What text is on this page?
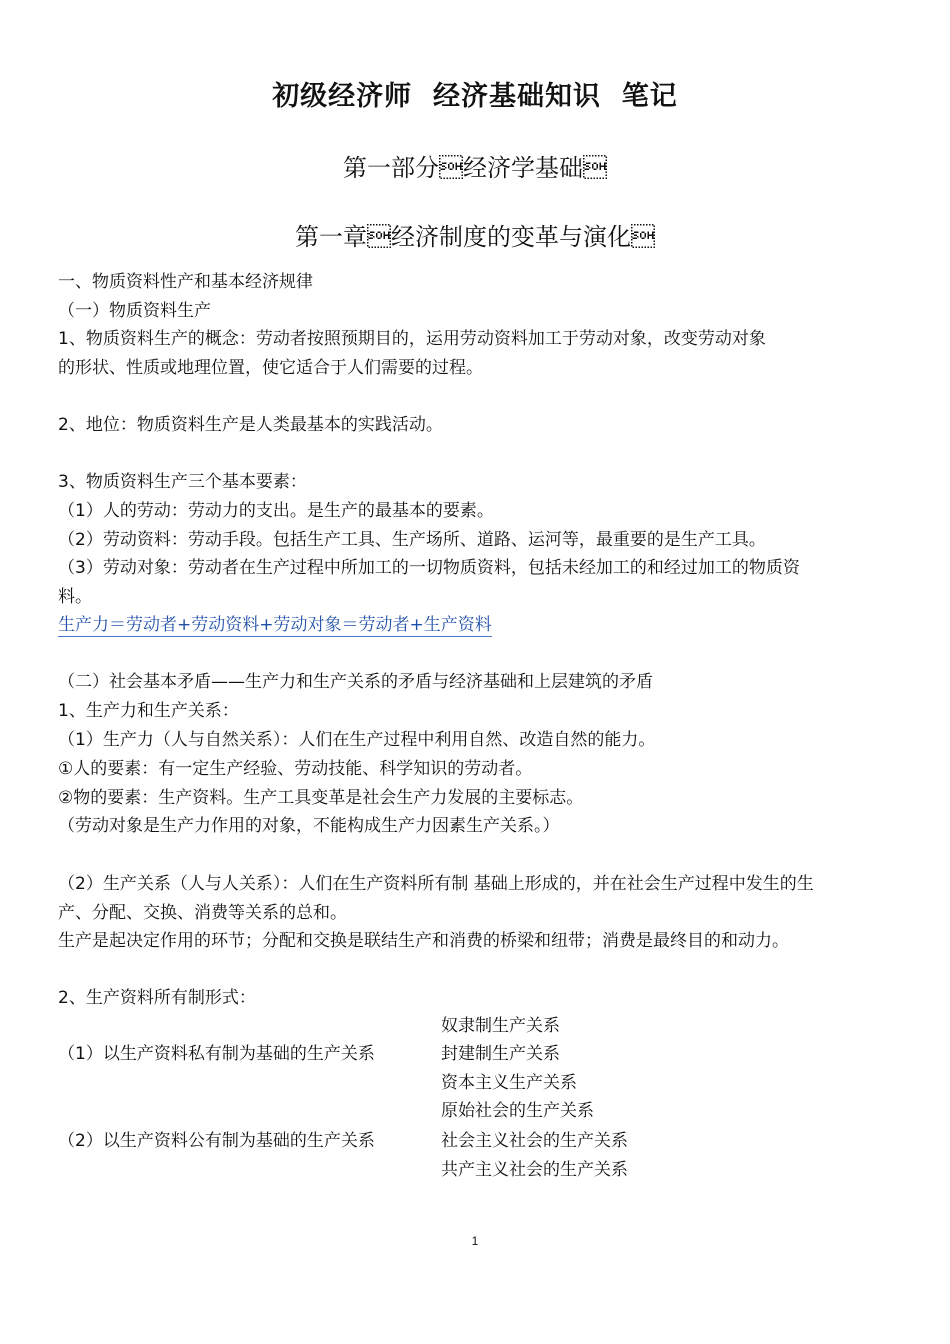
初级经济师  经济基础知识  笔记
第一部分经济学基础
第一章经济制度的变革与演化
一、物质资料性产和基本经济规律
（一）物质资料生产
1、物质资料生产的概念：劳动者按照预期目的，运用劳动资料加工于劳动对象，改变劳动对象
的形状、性质或地理位置，使它适合于人们需要的过程。
2、地位：物质资料生产是人类最基本的实践活动。
3、物质资料生产三个基本要素：
（1）人的劳动：劳动力的支出。是生产的最基本的要素。
（2）劳动资料：劳动手段。包括生产工具、生产场所、道路、运河等，最重要的是生产工具。
（3）劳动对象：劳动者在生产过程中所加工的一切物质资料，包括未经加工的和经过加工的物质资
料。
生产力＝劳动者+劳动资料+劳动对象＝劳动者+生产资料
（二）社会基本矛盾——生产力和生产关系的矛盾与经济基础和上层建筑的矛盾
1、生产力和生产关系：
（1）生产力（人与自然关系）：人们在生产过程中利用自然、改造自然的能力。
①人的要素：有一定生产经验、劳动技能、科学知识的劳动者。
②物的要素：生产资料。生产工具变革是社会生产力发展的主要标志。
（劳动对象是生产力作用的对象，不能构成生产力因素生产关系。）
（2）生产关系（人与人关系）：人们在生产资料所有制 基础上形成的，并在社会生产过程中发生的生
产、分配、交换、消费等关系的总和。
生产是起决定作用的环节；分配和交换是联结生产和消费的桥梁和纽带；消费是最终目的和动力。
2、生产资料所有制形式：
（1）以生产资料私有制为基础的生产关系
奴隶制生产关系
封建制生产关系
资本主义生产关系
（2）以生产资料公有制为基础的生产关系
原始社会的生产关系
社会主义社会的生产关系
共产主义社会的生产关系
1
